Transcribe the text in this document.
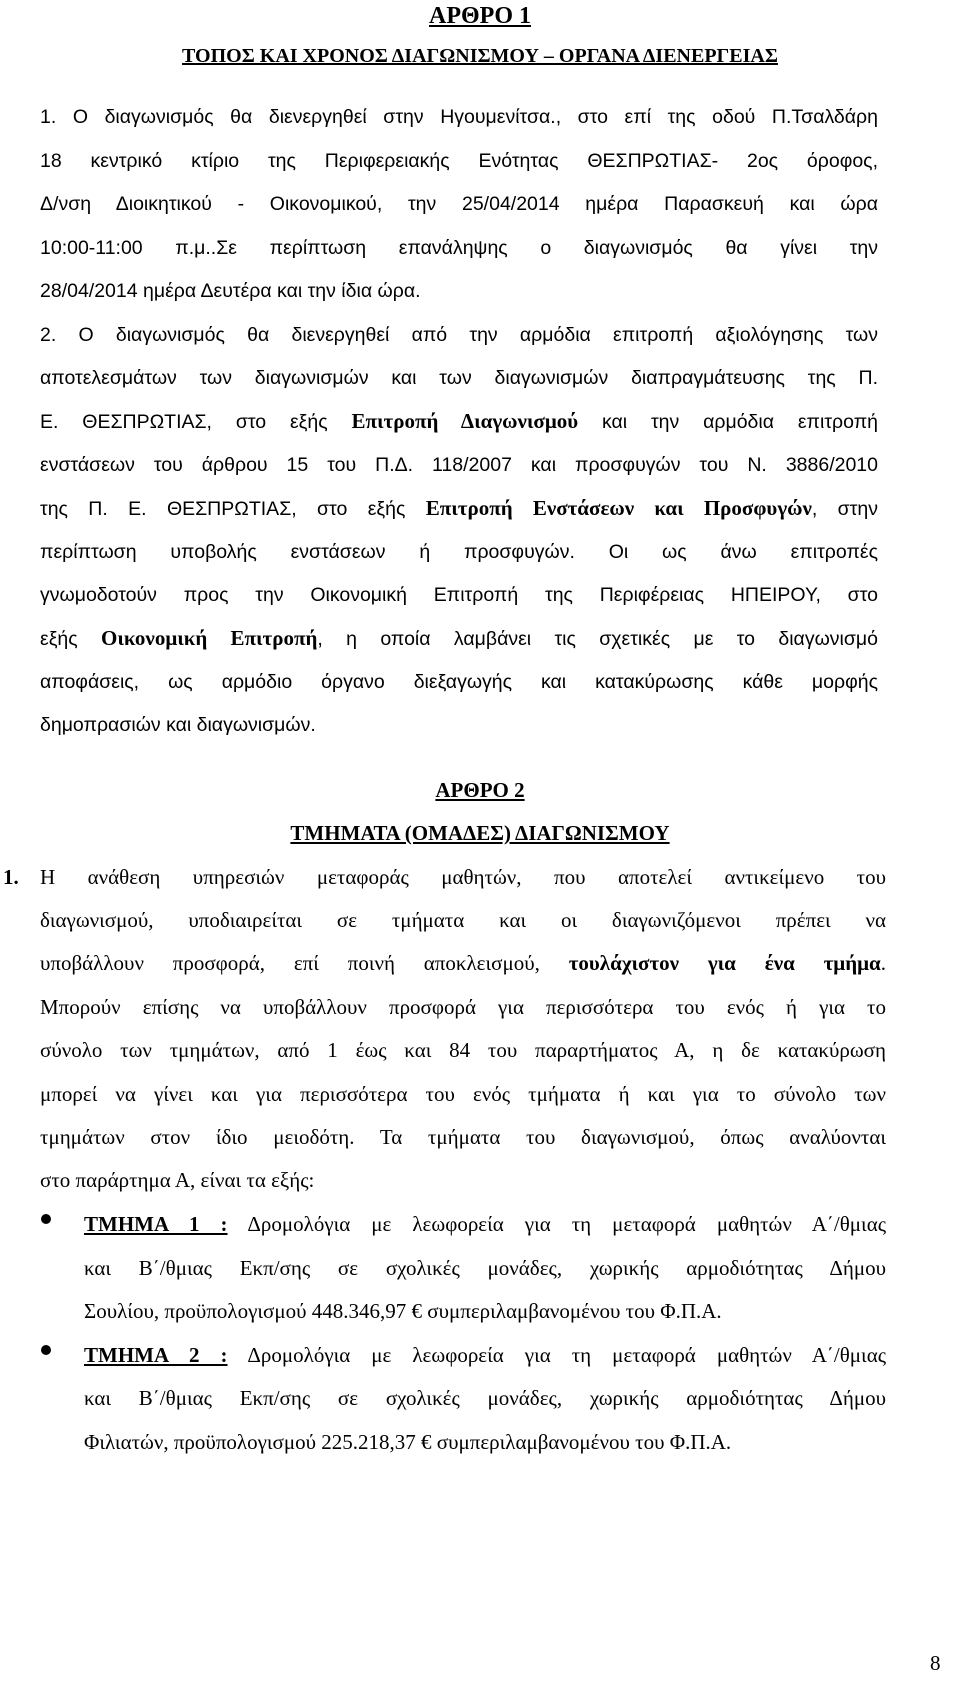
ΑΡΘΡΟ 1
ΤΟΠΟΣ ΚΑΙ ΧΡΟΝΟΣ ΔΙΑΓΩΝΙΣΜΟΥ – ΟΡΓΑΝΑ ΔΙΕΝΕΡΓΕΙΑΣ
1. Ο διαγωνισμός θα διενεργηθεί στην Ηγουμενίτσα., στο επί της οδού Π.Τσαλδάρη
18 κεντρικό κτίριο της Περιφερειακής Ενότητας ΘΕΣΠΡΩΤΙΑΣ- 2ος όροφος,
Δ/νση Διοικητικού - Οικονομικού, την 25/04/2014 ημέρα Παρασκευή και ώρα
10:00-11:00 π.μ..Σε περίπτωση επανάληψης ο διαγωνισμός θα γίνει την
28/04/2014 ημέρα Δευτέρα και την ίδια ώρα.
2. Ο διαγωνισμός θα διενεργηθεί από την αρμόδια επιτροπή αξιολόγησης των
αποτελεσμάτων των διαγωνισμών και των διαγωνισμών διαπραγμάτευσης της Π.
Ε. ΘΕΣΠΡΩΤΙΑΣ, στο εξής Επιτροπή Διαγωνισμού και την αρμόδια επιτροπή
ενστάσεων του άρθρου 15 του Π.Δ. 118/2007 και προσφυγών του Ν. 3886/2010
της Π. Ε. ΘΕΣΠΡΩΤΙΑΣ, στο εξής Επιτροπή Ενστάσεων και Προσφυγών, στην
περίπτωση υποβολής ενστάσεων ή προσφυγών. Οι ως άνω επιτροπές
γνωμοδοτούν προς την Οικονομική Επιτροπή της Περιφέρειας ΗΠΕΙΡΟΥ, στο
εξής Οικονομική Επιτροπή, η οποία λαμβάνει τις σχετικές με το διαγωνισμό
αποφάσεις, ως αρμόδιο όργανο διεξαγωγής και κατακύρωσης κάθε μορφής
δημοπρασιών και διαγωνισμών.
ΑΡΘΡΟ 2
ΤΜΗΜΑΤΑ (ΟΜΑΔΕΣ) ΔΙΑΓΩΝΙΣΜΟΥ
1. Η ανάθεση υπηρεσιών μεταφοράς μαθητών, που αποτελεί αντικείμενο του
διαγωνισμού, υποδιαιρείται σε τμήματα και οι διαγωνιζόμενοι πρέπει να
υποβάλλουν προσφορά, επί ποινή αποκλεισμού, τουλάχιστον για ένα τμήμα.
Μπορούν επίσης να υποβάλλουν προσφορά για περισσότερα του ενός ή για το
σύνολο των τμημάτων, από 1 έως και 84 του παραρτήματος Α, η δε κατακύρωση
μπορεί να γίνει και για περισσότερα του ενός τμήματα ή και για το σύνολο των
τμημάτων στον ίδιο μειοδότη. Τα τμήματα του διαγωνισμού, όπως αναλύονται
στο παράρτημα Α, είναι τα εξής:
ΤΜΗΜΑ 1 : Δρομολόγια με λεωφορεία για τη μεταφορά μαθητών Α΄/θμιας
και Β΄/θμιας Εκπ/σης σε σχολικές μονάδες, χωρικής αρμοδιότητας Δήμου
Σουλίου, προϋπολογισμού 448.346,97 € συμπεριλαμβανομένου του Φ.Π.Α.
ΤΜΗΜΑ 2 : Δρομολόγια με λεωφορεία για τη μεταφορά μαθητών Α΄/θμιας
και Β΄/θμιας Εκπ/σης σε σχολικές μονάδες, χωρικής αρμοδιότητας Δήμου
Φιλιατών, προϋπολογισμού 225.218,37 € συμπεριλαμβανομένου του Φ.Π.Α.
8
